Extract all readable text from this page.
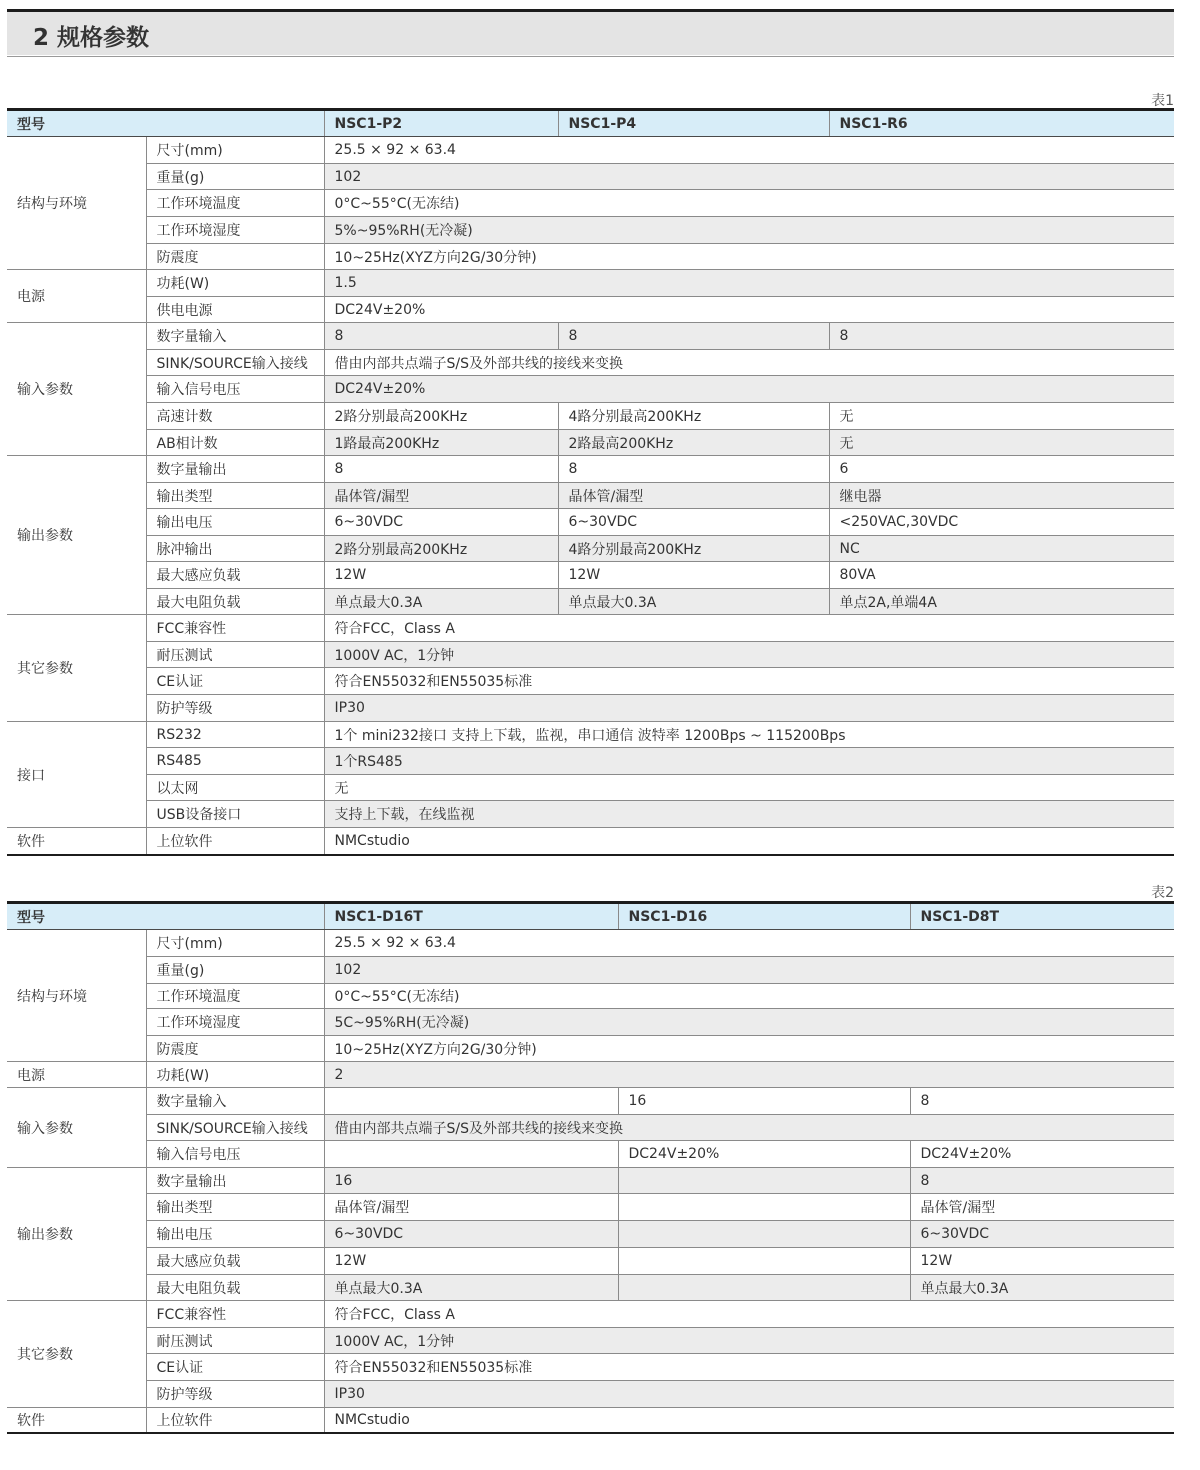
2 规格参数
表1
型号		NSC1-P2	NSC1-P4	NSC1-R6
结构与环境	尺寸(mm)	25.5 × 92 × 63.4		
	重量(g)	102		
	工作环境温度	0°C~55°C(无冻结)		
	工作环境湿度	5%~95%RH(无冷凝)		
	防震度	10~25Hz(XYZ方向2G/30分钟)		
电源	功耗(W)	1.5		
	供电电源	DC24V±20%		
输入参数	数字量输入	8	8	8
	SINK/SOURCE输入接线	借由内部共点端子S/S及外部共线的接线来变换		
	输入信号电压	DC24V±20%		
	高速计数	2路分别最高200KHz	4路分别最高200KHz	无
	AB相计数	1路最高200KHz	2路最高200KHz	无
输出参数	数字量输出	8	8	6
	输出类型	晶体管/漏型	晶体管/漏型	继电器
	输出电压	6~30VDC	6~30VDC	<250VAC,30VDC
	脉冲输出	2路分别最高200KHz	4路分别最高200KHz	NC
	最大感应负载	12W	12W	80VA
	最大电阻负载	单点最大0.3A	单点最大0.3A	单点2A,单端4A
其它参数	FCC兼容性	符合FCC，Class A		
	耐压测试	1000V AC，1分钟		
	CE认证	符合EN55032和EN55035标准		
	防护等级	IP30		
接口	RS232	1个 mini232接口 支持上下载，监视，串口通信 波特率 1200Bps ~ 115200Bps		
	RS485	1个RS485		
	以太网	无		
	USB设备接口	支持上下载，在线监视		
软件	上位软件	NMCstudio		
表2
型号		NSC1-D16T	NSC1-D16	NSC1-D8T
结构与环境	尺寸(mm)	25.5 × 92 × 63.4		
	重量(g)	102		
	工作环境温度	0°C~55°C(无冻结)		
	工作环境湿度	5C~95%RH(无冷凝)		
	防震度	10~25Hz(XYZ方向2G/30分钟)		
电源	功耗(W)	2		
输入参数	数字量输入		16	8
	SINK/SOURCE输入接线	借由内部共点端子S/S及外部共线的接线来变换		
	输入信号电压		DC24V±20%	DC24V±20%
输出参数	数字量输出	16		8
	输出类型	晶体管/漏型		晶体管/漏型
	输出电压	6~30VDC		6~30VDC
	最大感应负载	12W		12W
	最大电阻负载	单点最大0.3A		单点最大0.3A
其它参数	FCC兼容性	符合FCC，Class A		
	耐压测试	1000V AC，1分钟		
	CE认证	符合EN55032和EN55035标准		
	防护等级	IP30		
软件	上位软件	NMCstudio		
